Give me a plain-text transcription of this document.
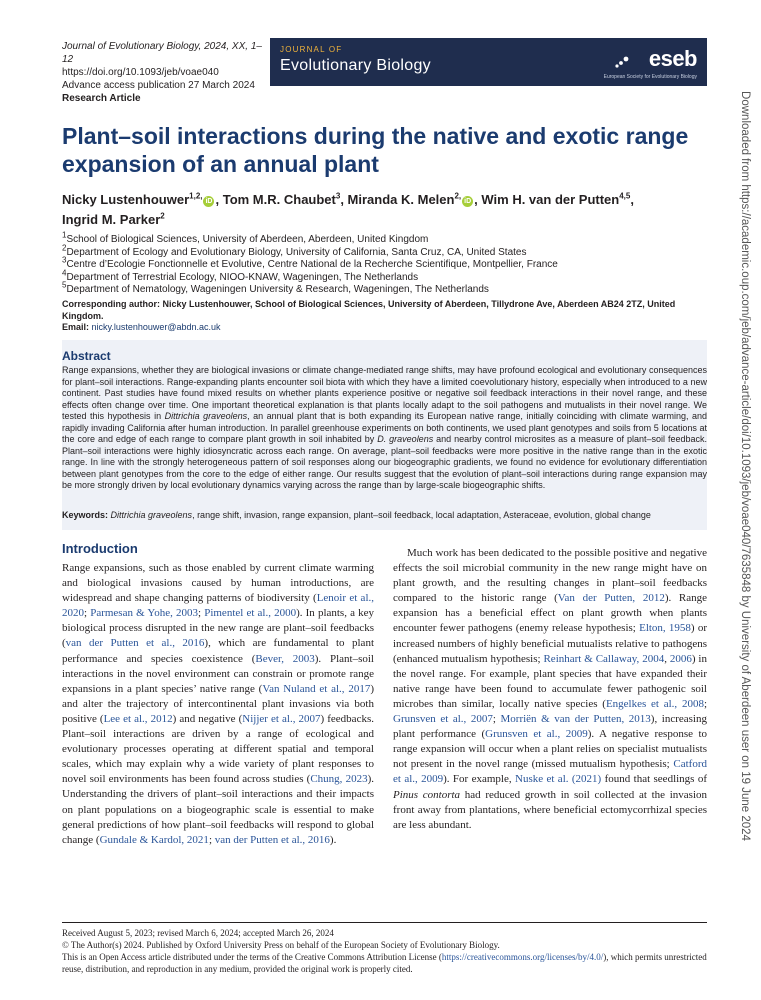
Journal of Evolutionary Biology, 2024, XX, 1–12
https://doi.org/10.1093/jeb/voae040
Advance access publication 27 March 2024
Research Article
JOURNAL OF
Evolutionary Biology	eseb
European Society for Evolutionary Biology
Plant–soil interactions during the native and exotic range expansion of an annual plant
Nicky Lustenhouwer$^{1,2,}$iD , Tom M.R. Chaubet$^3$, Miranda K. Melen$^{2,}$iD , Wim H. van der Putten$^{4,5}$,
Ingrid M. Parker$^2$
$^1$School of Biological Sciences, University of Aberdeen, Aberdeen, United Kingdom
$^2$Department of Ecology and Evolutionary Biology, University of California, Santa Cruz, CA, United States
$^3$Centre d’Ecologie Fonctionnelle et Evolutive, Centre National de la Recherche Scientifique, Montpellier, France
$^4$Department of Terrestrial Ecology, NIOO-KNAW, Wageningen, The Netherlands
$^5$Department of Nematology, Wageningen University & Research, Wageningen, The Netherlands
Corresponding author: Nicky Lustenhouwer, School of Biological Sciences, University of Aberdeen, Tillydrone Ave, Aberdeen AB24 2TZ, United Kingdom.
Email: nicky.lustenhouwer@abdn.ac.uk
Abstract

Range expansions, whether they are biological invasions or climate change-mediated range shifts, may have profound ecological and evolutionary consequences for plant–soil interactions. Range-expanding plants encounter soil biota with which they have a limited coevolutionary history, especially when introduced to a new continent. Past studies have found mixed results on whether plants experience positive or negative soil feedback interactions in their novel range, and these effects often change over time. One important theoretical explanation is that plants locally adapt to the soil pathogens and mutualists in their novel range. We tested this hypothesis in Dittrichia graveolens, an annual plant that is both expanding its European native range, initially coinciding with climate warming, and rapidly invading California after human introduction. In parallel greenhouse experiments on both continents, we used plant genotypes and soils from 5 locations at the core and edge of each range to compare plant growth in soil inhabited by D. graveolens and nearby control microsites as a measure of plant–soil feedback. Plant–soil interactions were highly idiosyncratic across each range. On average, plant–soil feedbacks were more positive in the native range than in the exotic range. In line with the strongly heterogeneous pattern of soil responses along our biogeographic gradients, we found no evidence for evolutionary differentiation between plant genotypes from the core to the edge of either range. Our results suggest that the evolution of plant–soil interactions during range expansion may be more strongly driven by local evolutionary dynamics varying across the range than by large-scale biogeographic shifts.

Keywords: Dittrichia graveolens, range shift, invasion, range expansion, plant–soil feedback, local adaptation, Asteraceae, evolution, global change

Introduction

Range expansions, such as those enabled by current climate warming and biological invasions caused by human introductions, are widespread and shape changing patterns of biodiversity (Lenoir et al., 2020; Parmesan & Yohe, 2003; Pimentel et al., 2000). In plants, a key biological process disrupted in the new range are plant–soil feedbacks (van der Putten et al., 2016), which are fundamental to plant performance and species coexistence (Bever, 2003). Plant–soil interactions in the novel environment can constrain or promote range expansions in a plant species’ native range (Van Nuland et al., 2017) and alter the trajectory of intercontinental plant invasions via both positive (Lee et al., 2012) and negative (Nijjer et al., 2007) feedbacks. Plant–soil interactions are driven by a range of ecological and evolutionary processes operating at different spatial and temporal scales, which may explain why a wide variety of plant responses to novel soil environments has been found across studies (Chung, 2023). Understanding the drivers of plant–soil interactions and their impacts on plant populations on a biogeographic scale is essential to make general predictions of how plant–soil feedbacks will respond to global change (Gundale & Kardol, 2021; van der Putten et al., 2016).

Much work has been dedicated to the possible positive and negative effects the soil microbial community in the new range might have on plant growth, and the resulting changes in plant–soil feedbacks compared to the historic range (Van der Putten, 2012). Range expansion has a beneficial effect on plant growth when plants encounter fewer pathogens (enemy release hypothesis; Elton, 1958) or increased numbers of highly beneficial mutualists relative to pathogens (enhanced mutualism hypothesis; Reinhart & Callaway, 2004, 2006) in the novel range. For example, plant species that have expanded their native range have been found to accumulate fewer pathogenic soil microbes than similar, locally native species (Engelkes et al., 2008; Grunsven et al., 2007; Morriën & van der Putten, 2013), increasing plant performance (Grunsven et al., 2009). A negative response to range expansion will occur when a plant relies on specialist mutualists not present in the novel range (missed mutualism hypothesis; Catford et al., 2009). For example, Nuske et al. (2021) found that seedlings of Pinus contorta had reduced growth in soil collected at the invasion front away from plantations, where beneficial ectomycorrhizal species are less abundant.

Received August 5, 2023; revised March 6, 2024; accepted March 26, 2024
© The Author(s) 2024. Published by Oxford University Press on behalf of the European Society of Evolutionary Biology.
This is an Open Access article distributed under the terms of the Creative Commons Attribution License (https://creativecommons.org/licenses/by/4.0/), which permits unrestricted reuse, distribution, and reproduction in any medium, provided the original work is properly cited.
Downloaded from https://academic.oup.com/jeb/advance-article/doi/10.1093/jeb/voae040/7635848 by University of Aberdeen user on 19 June 2024
